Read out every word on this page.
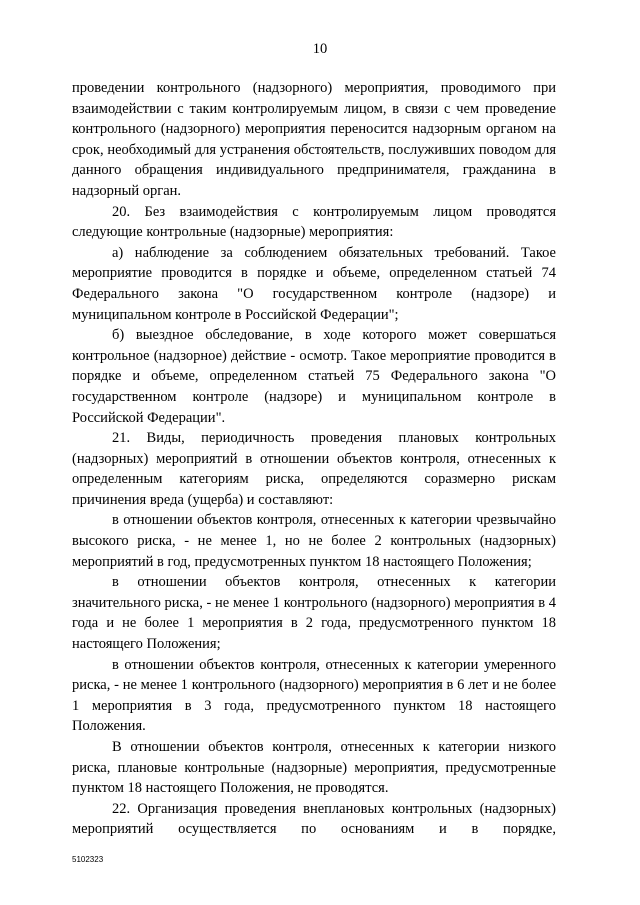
10

проведении контрольного (надзорного) мероприятия, проводимого при взаимодействии с таким контролируемым лицом, в связи с чем проведение контрольного (надзорного) мероприятия переносится надзорным органом на срок, необходимый для устранения обстоятельств, послуживших поводом для данного обращения индивидуального предпринимателя, гражданина в надзорный орган.

20. Без взаимодействия с контролируемым лицом проводятся следующие контрольные (надзорные) мероприятия:

а) наблюдение за соблюдением обязательных требований. Такое мероприятие проводится в порядке и объеме, определенном статьей 74 Федерального закона "О государственном контроле (надзоре) и муниципальном контроле в Российской Федерации";

б) выездное обследование, в ходе которого может совершаться контрольное (надзорное) действие - осмотр. Такое мероприятие проводится в порядке и объеме, определенном статьей 75 Федерального закона "О государственном контроле (надзоре) и муниципальном контроле в Российской Федерации".

21. Виды, периодичность проведения плановых контрольных (надзорных) мероприятий в отношении объектов контроля, отнесенных к определенным категориям риска, определяются соразмерно рискам причинения вреда (ущерба) и составляют:

в отношении объектов контроля, отнесенных к категории чрезвычайно высокого риска, - не менее 1, но не более 2 контрольных (надзорных) мероприятий в год, предусмотренных пунктом 18 настоящего Положения;

в отношении объектов контроля, отнесенных к категории значительного риска, - не менее 1 контрольного (надзорного) мероприятия в 4 года и не более 1 мероприятия в 2 года, предусмотренного пунктом 18 настоящего Положения;

в отношении объектов контроля, отнесенных к категории умеренного риска, - не менее 1 контрольного (надзорного) мероприятия в 6 лет и не более 1 мероприятия в 3 года, предусмотренного пунктом 18 настоящего Положения.

В отношении объектов контроля, отнесенных к категории низкого риска, плановые контрольные (надзорные) мероприятия, предусмотренные пунктом 18 настоящего Положения, не проводятся.

22. Организация проведения внеплановых контрольных (надзорных) мероприятий осуществляется по основаниям и в порядке,

5102323
